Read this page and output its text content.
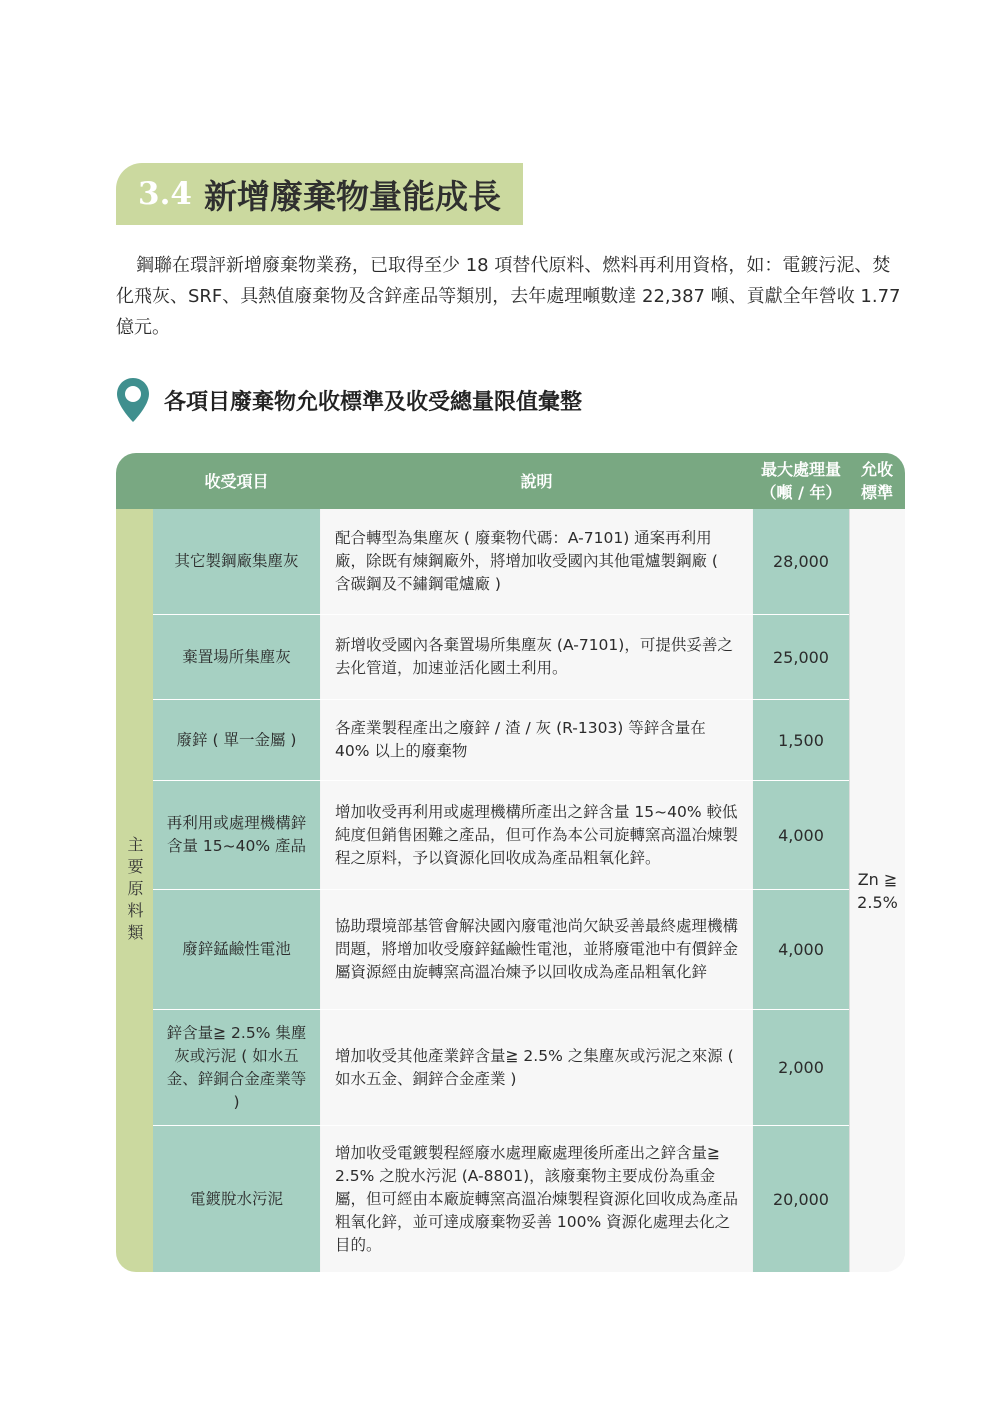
3.4 新增廢棄物量能成長

鋼聯在環評新增廢棄物業務，已取得至少 18 項替代原料、燃料再利用資格，如：電鍍污泥、焚化飛灰、SRF、具熱值廢棄物及含鋅產品等類別，去年處理噸數達 22,387 噸、貢獻全年營收 1.77 億元。

各項目廢棄物允收標準及收受總量限值彙整
收受項目	說明
最大處理量（噸 / 年）
允收標準
主要原料類
其它製鋼廠集塵灰
配合轉型為集塵灰 ( 廢棄物代碼：A-7101) 通案再利用廠，除既有煉鋼廠外，將增加收受國內其他電爐製鋼廠 ( 含碳鋼及不鏽鋼電爐廠 )
28,000
棄置場所集塵灰
新增收受國內各棄置場所集塵灰 (A-7101)，可提供妥善之去化管道，加速並活化國土利用。
25,000
廢鋅 ( 單一金屬 )
各產業製程產出之廢鋅 / 渣 / 灰 (R-1303) 等鋅含量在 40% 以上的廢棄物
1,500
再利用或處理機構鋅含量 15~40% 產品
增加收受再利用或處理機構所產出之鋅含量 15~40% 較低純度但銷售困難之產品，但可作為本公司旋轉窯高溫冶煉製程之原料，予以資源化回收成為產品粗氧化鋅。
4,000
廢鋅錳鹼性電池
協助環境部基管會解決國內廢電池尚欠缺妥善最終處理機構問題，將增加收受廢鋅錳鹼性電池，並將廢電池中有價鋅金屬資源經由旋轉窯高溫冶煉予以回收成為產品粗氧化鋅
4,000
鋅含量≧ 2.5% 集塵灰或污泥 ( 如水五金、鋅銅合金產業等 )
增加收受其他產業鋅含量≧ 2.5% 之集塵灰或污泥之來源 ( 如水五金、銅鋅合金產業 )
2,000
電鍍脫水污泥
增加收受電鍍製程經廢水處理廠處理後所產出之鋅含量≧ 2.5% 之脫水污泥 (A-8801)，該廢棄物主要成份為重金屬，但可經由本廠旋轉窯高溫冶煉製程資源化回收成為產品粗氧化鋅，並可達成廢棄物妥善 100% 資源化處理去化之目的。
20,000
Zn ≧ 2.5%
